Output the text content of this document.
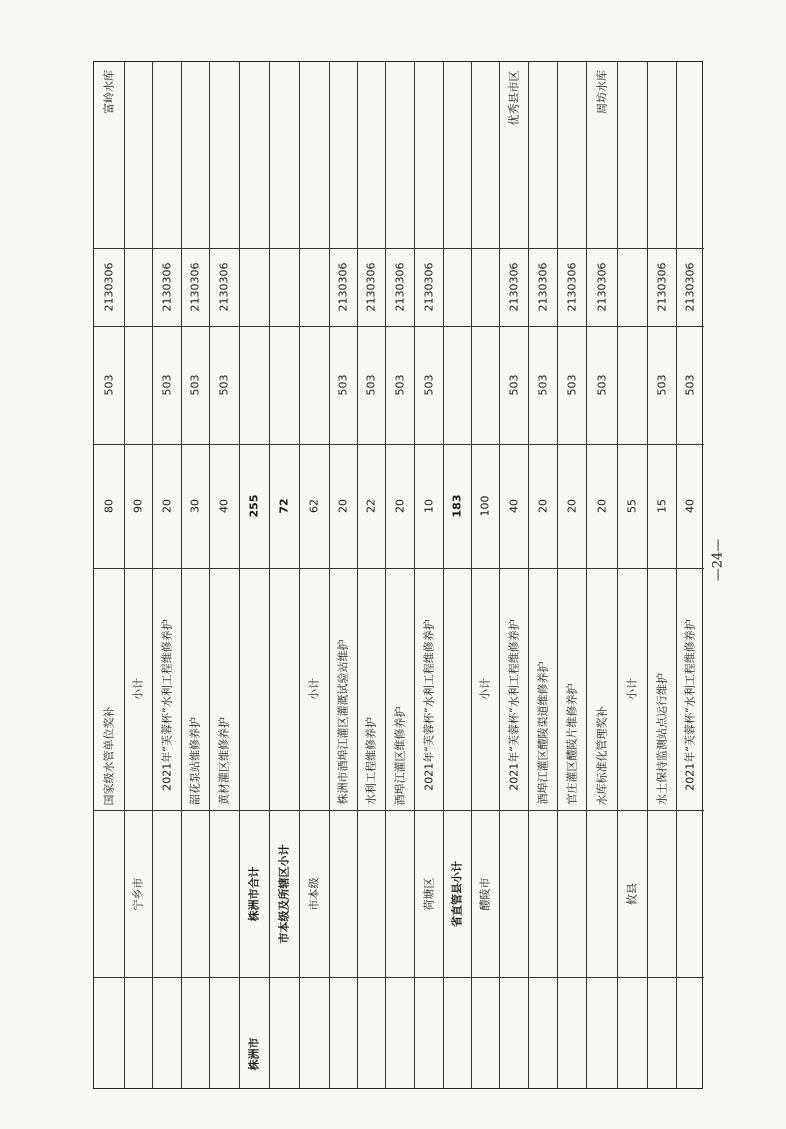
富岭水库
2130306
503
80
国家级水管单位奖补
90
小计
宁乡市
2130306
503
20
2021年“芙蓉杯”水利工程维修养护
2130306
503
30
韶花泵站维修养护
2130306
503
40
黄材灌区维修养护
255
株洲市合计
株洲市
72
市本级及所辖区小计
62
小计
市本级
2130306
503
20
株洲市酒埠江灌区灌溉试验站维护
2130306
503
22
水利工程维修养护
2130306
503
20
酒埠江灌区维修养护
2130306
503
10
2021年“芙蓉杯”水利工程维修养护
荷塘区
183
省直管县小计
100
小计
醴陵市
优秀县市区
2130306
503
40
2021年“芙蓉杯”水利工程维修养护
2130306
503
20
酒埠江灌区醴陵渠道维修养护
2130306
503
20
官庄灌区醴陵片维修养护
周坊水库
2130306
503
20
水库标准化管理奖补
55
小计
攸县
2130306
503
15
水土保持监测站点运行维护
2130306
503
40
2021年“芙蓉杯”水利工程维修养护
—24—
